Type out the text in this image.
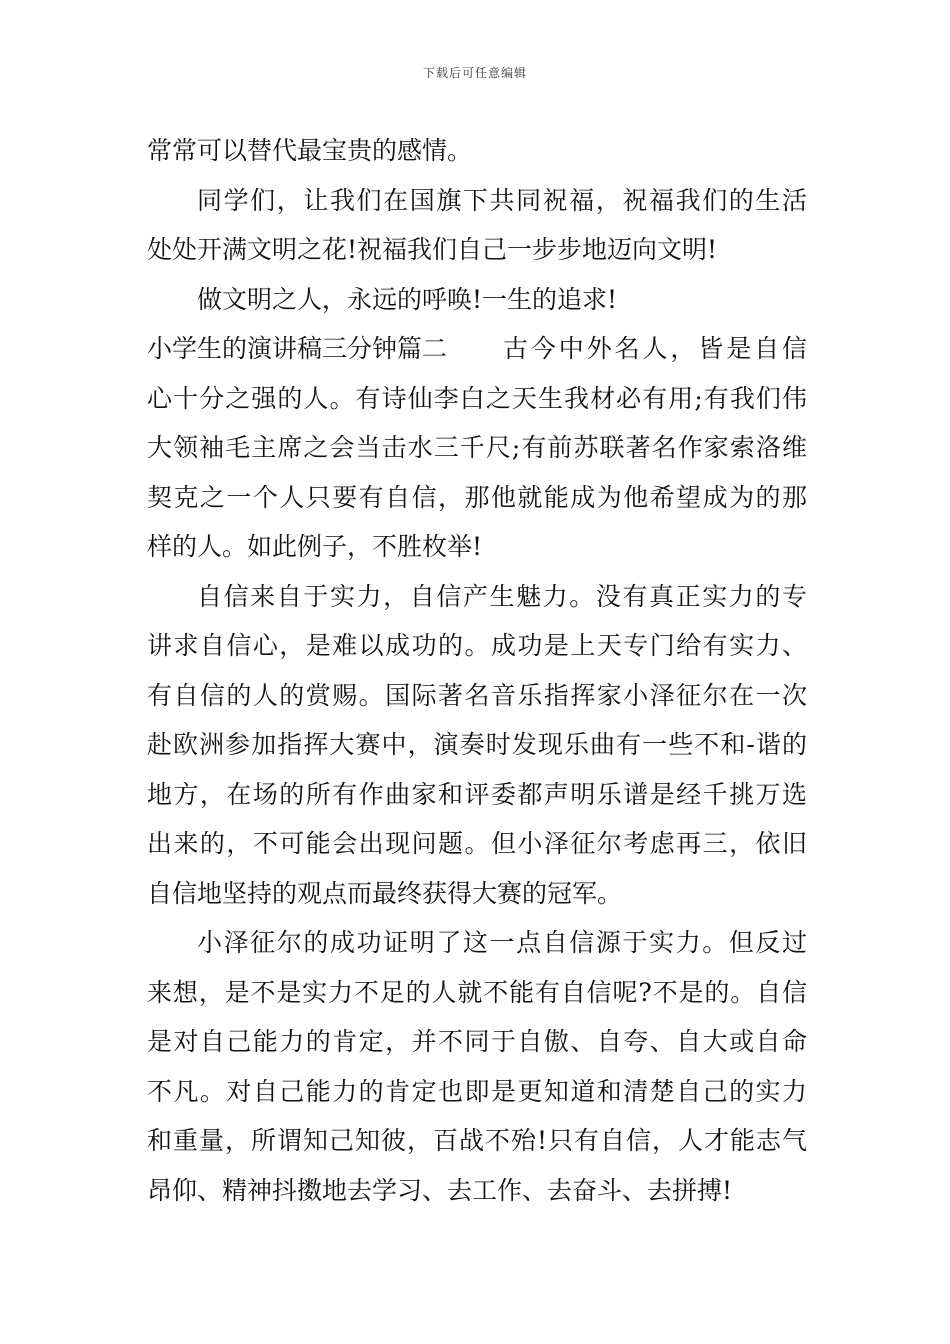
下载后可任意编辑
常常可以替代最宝贵的感情。
同学们，让我们在国旗下共同祝福，祝福我们的生活
处处开满文明之花!祝福我们自己一步步地迈向文明!
做文明之人，永远的呼唤!一生的追求!
小学生的演讲稿三分钟篇二 古今中外名人，皆是自信
心十分之强的人。有诗仙李白之天生我材必有用;有我们伟
大领袖毛主席之会当击水三千尺;有前苏联著名作家索洛维
契克之一个人只要有自信，那他就能成为他希望成为的那
样的人。如此例子，不胜枚举!
自信来自于实力，自信产生魅力。没有真正实力的专
讲求自信心，是难以成功的。成功是上天专门给有实力、
有自信的人的赏赐。国际著名音乐指挥家小泽征尔在一次
赴欧洲参加指挥大赛中，演奏时发现乐曲有一些不和-谐的
地方，在场的所有作曲家和评委都声明乐谱是经千挑万选
出来的，不可能会出现问题。但小泽征尔考虑再三，依旧
自信地坚持的观点而最终获得大赛的冠军。
小泽征尔的成功证明了这一点自信源于实力。但反过
来想，是不是实力不足的人就不能有自信呢?不是的。自信
是对自己能力的肯定，并不同于自傲、自夸、自大或自命
不凡。对自己能力的肯定也即是更知道和清楚自己的实力
和重量，所谓知己知彼，百战不殆!只有自信，人才能志气
昂仰、精神抖擞地去学习、去工作、去奋斗、去拼搏!
